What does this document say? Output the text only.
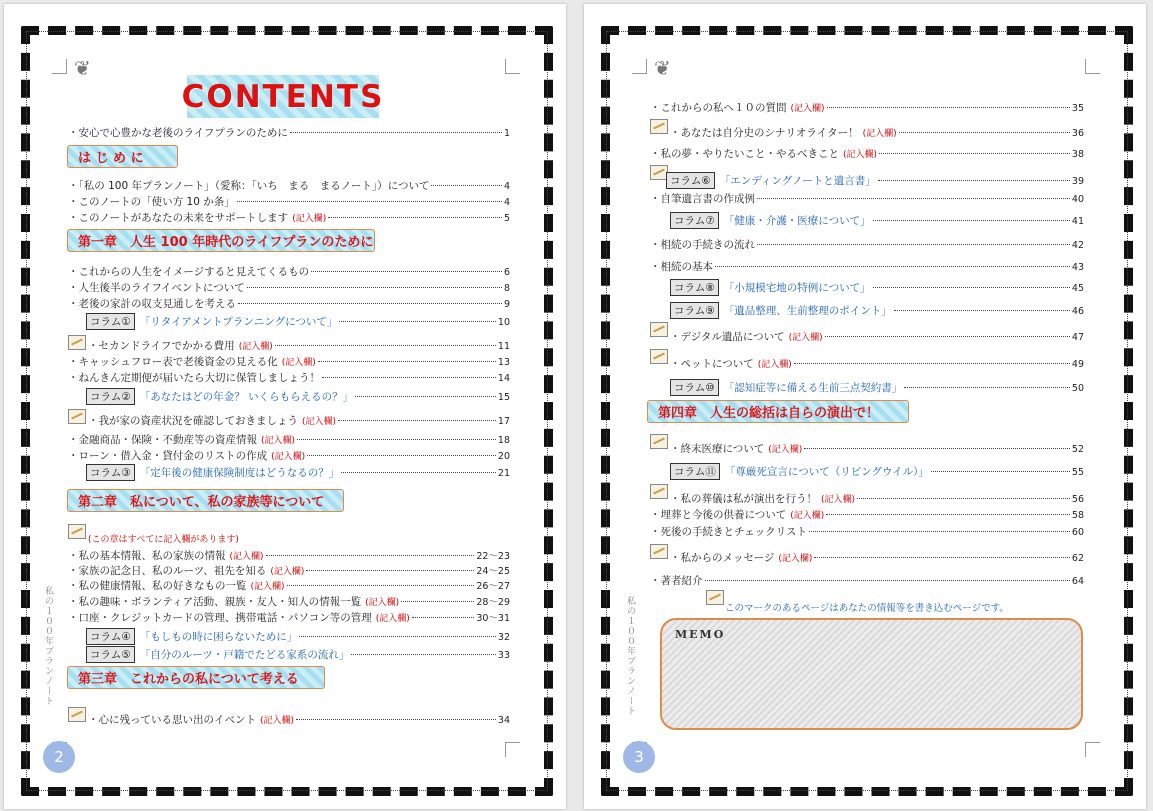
❦
CONTENTS
・安心で心豊かな老後のライフプランのために	1
は じ め に
・「私の 100 年プランノート」（愛称：「いち　まる　まるノート」）について	4
・このノートの「使い方 10 か条」	4
・このノートがあなたの未来をサポートします (記入欄)	5
第一章　人生 100 年時代のライフプランのために
・これからの人生をイメージすると見えてくるもの	6
・人生後半のライフイベントについて	8
・老後の家計の収支見通しを考える	9
コラム① 「リタイアメントプランニングについて」	10
・セカンドライフでかかる費用 (記入欄)	11
・キャッシュフロー表で老後資金の見える化 (記入欄)	13
・ねんきん定期便が届いたら大切に保管しましょう！	14
コラム② 「あなたはどの年金？ いくらもらえるの？」	15
・我が家の資産状況を確認しておきましょう (記入欄)	17
・金融商品・保険・不動産等の資産情報 (記入欄)	18
・ローン・借入金・貸付金のリストの作成 (記入欄)	20
コラム③ 「定年後の健康保険制度はどうなるの？」	21
第二章　私について、私の家族等について
(この章はすべてに記入欄があります)
・私の基本情報、私の家族の情報 (記入欄)	22～23
・家族の記念日、私のルーツ、祖先を知る (記入欄)	24～25
・私の健康情報、私の好きなもの一覧 (記入欄)	26～27
・私の趣味・ボランティア活動、親族・友人・知人の情報一覧 (記入欄)	28～29
・口座・クレジットカードの管理、携帯電話・パソコン等の管理 (記入欄)	30～31
コラム④ 「もしもの時に困らないために」	32
コラム⑤ 「自分のルーツ・戸籍でたどる家系の流れ」	33
第三章　これからの私について考える
・心に残っている思い出のイベント (記入欄)	34
私の１００年プランノート
2
❦
・これからの私へ１０の質問 (記入欄)	35
・あなたは自分史のシナリオライター！ (記入欄)	36
・私の夢・やりたいこと・やるべきこと (記入欄)	38
コラム⑥ 「エンディングノートと遺言書」	39
・自筆遺言書の作成例	40
コラム⑦ 「健康・介護・医療について」	41
・相続の手続きの流れ	42
・相続の基本	43
コラム⑧ 「小規模宅地の特例について」	45
コラム⑨ 「遺品整理、生前整理のポイント」	46
・デジタル遺品について (記入欄)	47
・ペットについて (記入欄)	49
コラム⑩ 「認知症等に備える生前三点契約書」	50
第四章　人生の総括は自らの演出で！
・終末医療について (記入欄)	52
コラム⑪ 「尊厳死宣言について（リビングウイル）」	55
・私の葬儀は私が演出を行う！ (記入欄)	56
・埋葬と今後の供養について (記入欄)	58
・死後の手続きとチェックリスト	60
・私からのメッセージ (記入欄)	62
・著者紹介	64
このマークのあるページはあなたの情報等を書き込むページです。
MEMO
私の１００年プランノート
3
